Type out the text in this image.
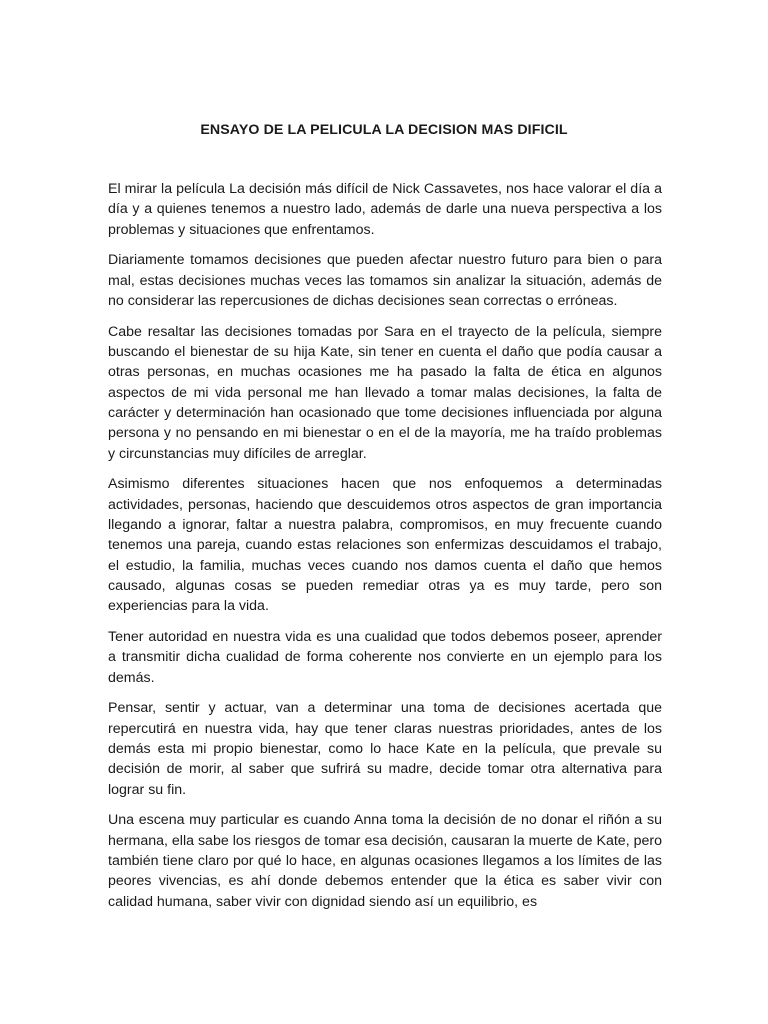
ENSAYO DE LA PELICULA LA DECISION MAS DIFICIL

El mirar la película La decisión más difícil de Nick Cassavetes, nos hace valorar el día a día y a quienes tenemos a nuestro lado, además de darle una nueva perspectiva a los problemas y situaciones que enfrentamos.

Diariamente tomamos decisiones que pueden afectar nuestro futuro para bien o para mal, estas decisiones muchas veces las tomamos sin analizar la situación, además de no considerar las repercusiones de dichas decisiones sean correctas o erróneas.

Cabe resaltar las decisiones tomadas por Sara en el trayecto de la película, siempre buscando el bienestar de su hija Kate, sin tener en cuenta el daño que podía causar a otras personas, en muchas ocasiones me ha pasado la falta de ética en algunos aspectos de mi vida personal me han llevado a tomar malas decisiones, la falta de carácter y determinación han ocasionado que tome decisiones influenciada por alguna persona y no pensando en mi bienestar o en el de la mayoría, me ha traído problemas y circunstancias muy difíciles de arreglar.

Asimismo diferentes situaciones hacen que nos enfoquemos a determinadas actividades, personas, haciendo que descuidemos otros aspectos de gran importancia llegando a ignorar, faltar a nuestra palabra, compromisos, en muy frecuente cuando tenemos una pareja, cuando estas relaciones son enfermizas descuidamos el trabajo, el estudio, la familia, muchas veces cuando nos damos cuenta el daño que hemos causado, algunas cosas se pueden remediar otras ya es muy tarde, pero son experiencias para la vida.

Tener autoridad en nuestra vida es una cualidad que todos debemos poseer, aprender a transmitir dicha cualidad de forma coherente nos convierte en un ejemplo para los demás.

Pensar, sentir y actuar, van a determinar una toma de decisiones acertada que repercutirá en nuestra vida, hay que tener claras nuestras prioridades, antes de los demás esta mi propio bienestar, como lo hace Kate en la película, que prevale su decisión de morir, al saber que sufrirá su madre, decide tomar otra alternativa para lograr su fin.

Una escena muy particular es cuando Anna toma la decisión de no donar el riñón a su hermana, ella sabe los riesgos de tomar esa decisión, causaran la muerte de Kate, pero también tiene claro por qué lo hace, en algunas ocasiones llegamos a los límites de las peores vivencias, es ahí donde debemos entender que la ética es saber vivir con calidad humana, saber vivir con dignidad siendo así un equilibrio, es
